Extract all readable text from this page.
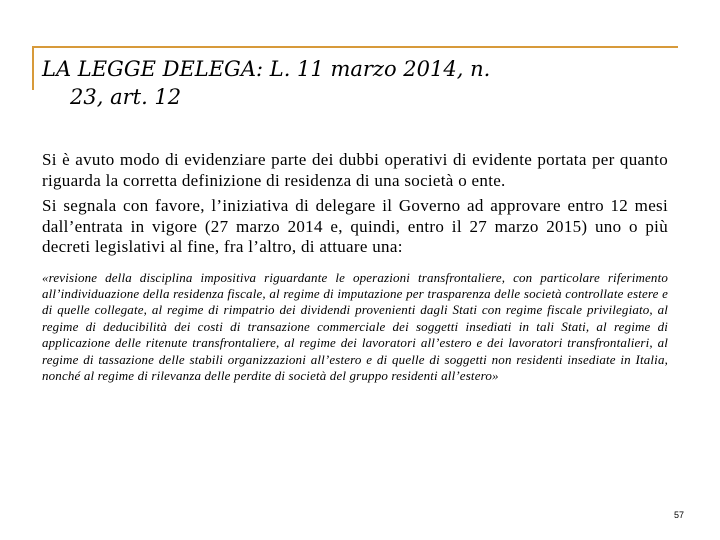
LA LEGGE DELEGA: L. 11 marzo 2014, n.
23, art. 12

Si è avuto modo di evidenziare parte dei dubbi operativi di evidente portata per quanto riguarda la corretta definizione di residenza di una società o ente.

Si segnala con favore, l’iniziativa di delegare il Governo ad approvare entro 12 mesi dall’entrata in vigore (27 marzo 2014 e, quindi, entro il 27 marzo 2015) uno o più decreti legislativi al fine, fra l’altro, di attuare una:

«revisione della disciplina impositiva riguardante le operazioni transfrontaliere, con particolare riferimento all’individuazione della residenza fiscale, al regime di imputazione per trasparenza delle società controllate estere e di quelle collegate, al regime di rimpatrio dei dividendi provenienti dagli Stati con regime fiscale privilegiato, al regime di deducibilità dei costi di transazione commerciale dei soggetti insediati in tali Stati, al regime di applicazione delle ritenute transfrontaliere, al regime dei lavoratori all’estero e dei lavoratori transfrontalieri, al regime di tassazione delle stabili organizzazioni all’estero e di quelle di soggetti non residenti insediate in Italia, nonché al regime di rilevanza delle perdite di società del gruppo residenti all’estero»

57
